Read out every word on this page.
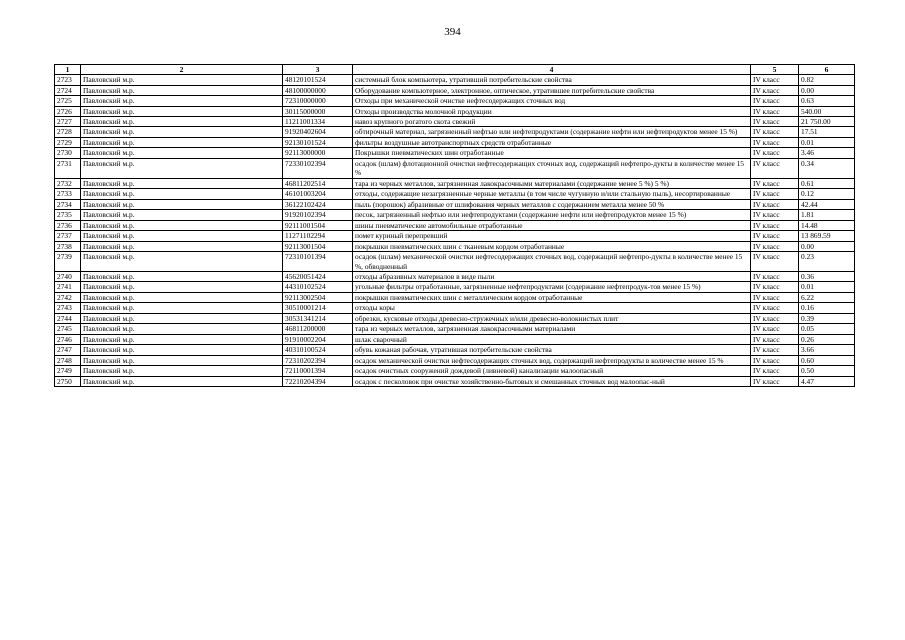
394
1	2	3	4	5	6
2723	Павловский м.р.	48120101524	системный блок компьютера, утративший потребительские свойства	IV класс	0.82
2724	Павловский м.р.	48100000000	Оборудование компьютерное, электронное, оптическое, утратившее потребительские свойства	IV класс	0.00
2725	Павловский м.р.	72310000000	Отходы при механической очистке нефтесодержащих сточных вод	IV класс	0.63
2726	Павловский м.р.	30115000000	Отходы производства молочной продукции	IV класс	540.00
2727	Павловский м.р.	11211001334	навоз крупного рогатого скота свежий	IV класс	21 750.00
2728	Павловский м.р.	91920402604	обтирочный материал, загрязненный нефтью или нефтепродуктами (содержание нефти или нефтепродуктов менее 15 %)	IV класс	17.51
2729	Павловский м.р.	92130101524	фильтры воздушные автотранспортных средств отработанные	IV класс	0.01
2730	Павловский м.р.	92113000000	Покрышки пневматических шин отработанные	IV класс	3.46
2731	Павловский м.р.	72330102394	осадок (шлам) флотационной очистки нефтесодержащих сточных вод, содержащий нефтепро-дукты в количестве менее 15 %	IV класс	0.34
2732	Павловский м.р.	46811202514	тара из черных металлов, загрязненная лакокрасочными материалами (содержание менее 5 %) 5 %)	IV класс	0.61
2733	Павловский м.р.	46101003204	отходы, содержащие незагрязненные черные металлы (в том числе чугунную и/или стальную пыль), несортированные	IV класс	0.12
2734	Павловский м.р.	36122102424	пыль (порошок) абразивные от шлифования черных металлов с содержанием металла менее 50 %	IV класс	42.44
2735	Павловский м.р.	91920102394	песок, загрязненный нефтью или нефтепродуктами (содержание нефти или нефтепродуктов менее 15 %)	IV класс	1.81
2736	Павловский м.р.	92111001504	шины пневматические автомобильные отработанные	IV класс	14.48
2737	Павловский м.р.	11271102294	помет куриный перепревший	IV класс	13 869.59
2738	Павловский м.р.	92113001504	покрышки пневматических шин с тканевым кордом отработанные	IV класс	0.00
2739	Павловский м.р.	72310101394	осадок (шлам) механической очистки нефтесодержащих сточных вод, содержащий нефтепро-дукты в количестве менее 15 %, обводненный	IV класс	0.23
2740	Павловский м.р.	45620051424	отходы абразивных материалов в виде пыли	IV класс	0.36
2741	Павловский м.р.	44310102524	угольные фильтры отработанные, загрязненные нефтепродуктами (содержание нефтепродук-тов менее 15 %)	IV класс	0.01
2742	Павловский м.р.	92113002504	покрышки пневматических шин с металлическим кордом отработанные	IV класс	6.22
2743	Павловский м.р.	30510001214	отходы коры	IV класс	0.16
2744	Павловский м.р.	30531341214	обрезки, кусковые отходы древесно-стружечных и/или древесно-волокнистых плит	IV класс	0.39
2745	Павловский м.р.	46811200000	тара из черных металлов, загрязненная лакокрасочными материалами	IV класс	0.05
2746	Павловский м.р.	91910002204	шлак сварочный	IV класс	0.26
2747	Павловский м.р.	40310100524	обувь кожаная рабочая, утратившая потребительские свойства	IV класс	3.66
2748	Павловский м.р.	72310202394	осадок механической очистки нефтесодержащих сточных вод, содержащий нефтепродукты в количестве менее 15 %	IV класс	0.60
2749	Павловский м.р.	72110001394	осадок очистных сооружений дождевой (ливневой) канализации малоопасный	IV класс	0.50
2750	Павловский м.р.	72210204394	осадок с песколовок при очистке хозяйственно-бытовых и смешанных сточных вод малоопас-ный	IV класс	4.47
